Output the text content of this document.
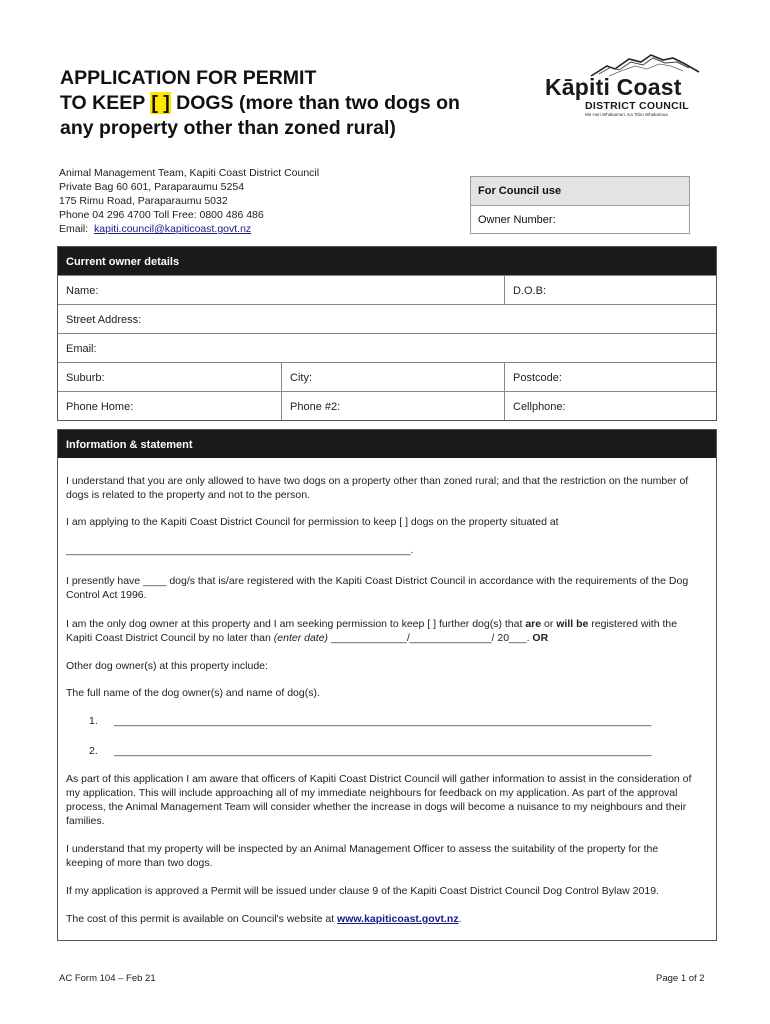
APPLICATION FOR PERMIT
TO KEEP [ ] DOGS (more than two dogs on
any property other than zoned rural)
Kāpiti Coast
DISTRICT COUNCIL
Me Huri Whakamuri, Ka Titiro Whakamua
Animal Management Team, Kapiti Coast District Council
Private Bag 60 601, Paraparaumu 5254
175 Rimu Road, Paraparaumu 5032
Phone 04 296 4700 Toll Free: 0800 486 486
Email: kapiti.council@kapiticoast.govt.nz
For Council use
Owner Number:
Current owner details
Name:	D.O.B:
Street Address:
Email:
Suburb:	City:	Postcode:
Phone Home:	Phone #2:	Cellphone:
Information & statement

I understand that you are only allowed to have two dogs on a property other than zoned rural; and that the restriction on the number of dogs is related to the property and not to the person.

I am applying to the Kapiti Coast District Council for permission to keep [ ] dogs on the property situated at

___________________________________________________________.

I presently have ____ dog/s that is/are registered with the Kapiti Coast District Council in accordance with the requirements of the Dog Control Act 1996.

I am the only dog owner at this property and I am seeking permission to keep [ ] further dog(s) that are or will be registered with the Kapiti Coast District Council by no later than (enter date) _____________/______________/ 20___. OR

Other dog owner(s) at this property include:

The full name of the dog owner(s) and name of dog(s).

1.	____________________________________________________________________________________________

2.	____________________________________________________________________________________________

As part of this application I am aware that officers of Kapiti Coast District Council will gather information to assist in the consideration of my application. This will include approaching all of my immediate neighbours for feedback on my application. As part of the approval process, the Animal Management Team will consider whether the increase in dogs will become a nuisance to my neighbours and their families.

I understand that my property will be inspected by an Animal Management Officer to assess the suitability of the property for the keeping of more than two dogs.

If my application is approved a Permit will be issued under clause 9 of the Kapiti Coast District Council Dog Control Bylaw 2019.

The cost of this permit is available on Council's website at www.kapiticoast.govt.nz.

AC Form 104 – Feb 21	Page 1 of 2
